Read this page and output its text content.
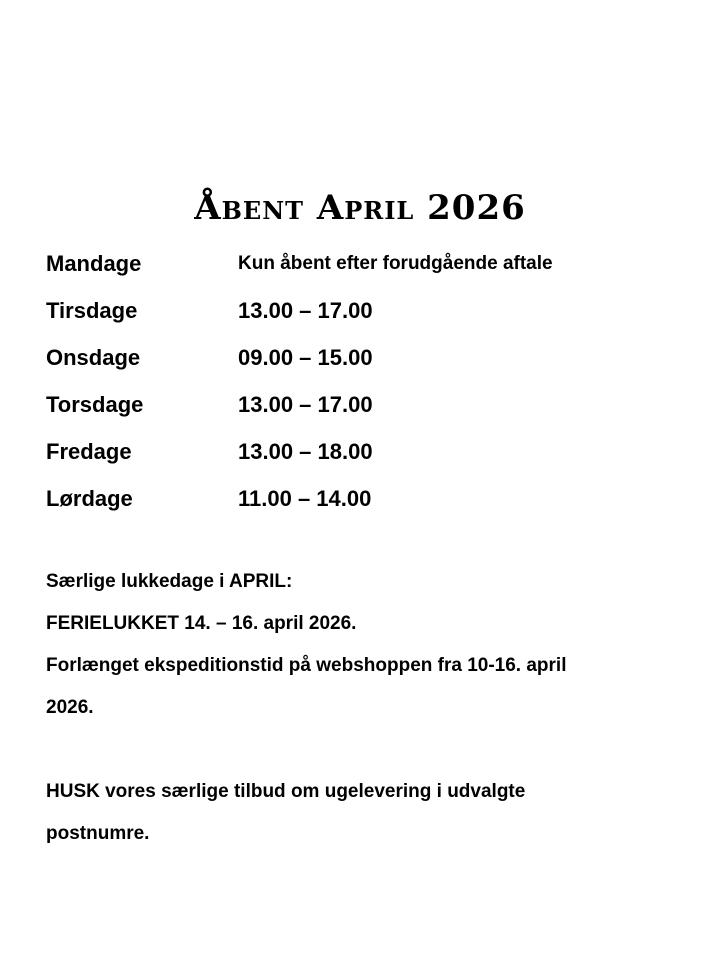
Åbent April 2026
Mandage	Kun åbent efter forudgående aftale
Tirsdage	13.00 – 17.00
Onsdage	09.00 – 15.00
Torsdage	13.00 – 17.00
Fredage	13.00 – 18.00
Lørdage	11.00 – 14.00

Særlige lukkedage i APRIL:

FERIELUKKET 14. – 16. april 2026.

Forlænget ekspeditionstid på webshoppen fra 10-16. april

2026.

HUSK vores særlige tilbud om ugelevering i udvalgte

postnumre.
